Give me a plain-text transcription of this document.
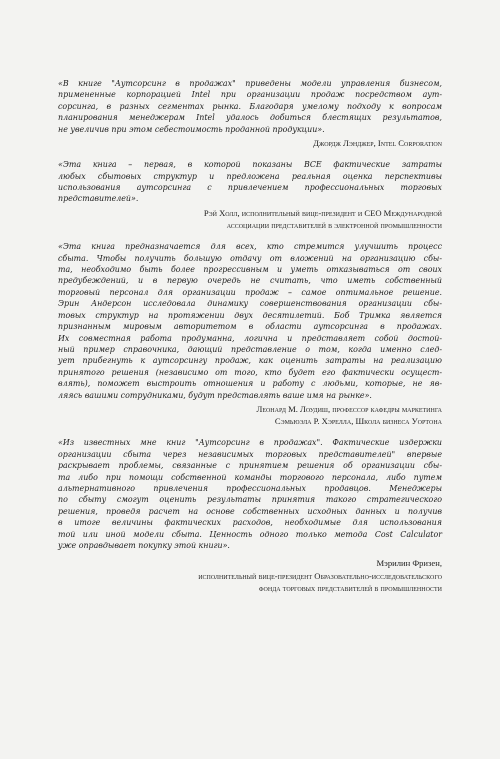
«В книге "Аутсорсинг в продажах" приведены модели управления бизнесом,
примененные корпорацией Intel при организации продаж посредством аут-
сорсинга, в разных сегментах рынка. Благодаря умелому подходу к вопросам
планирования менеджерам Intel удалось добиться блестящих результатов,
не увеличив при этом себестоимость проданной продукции».

Джордж Лэнджер, Intel Corporation

«Эта книга – первая, в которой показаны ВСЕ фактические затраты
любых сбытовых структур и предложена реальная оценка перспективы
использования аутсорсинга с привлечением профессиональных торговых
представителей».

Рэй Холл, исполнительный вице-президент и CEO Международной
ассоциации представителей в электронной промышленности

«Эта книга предназначается для всех, кто стремится улучшить процесс
сбыта. Чтобы получить большую отдачу от вложений на организацию сбы-
та, необходимо быть более прогрессивным и уметь отказываться от своих
предубеждений, и в первую очередь не считать, что иметь собственный
торговый персонал для организации продаж – самое оптимальное решение.
Эрин Андерсон исследовала динамику совершенствования организации сбы-
товых структур на протяжении двух десятилетий. Боб Тримка является
признанным мировым авторитетом в области аутсорсинга в продажах.
Их совместная работа продуманна, логична и представляет собой достой-
ный пример справочника, дающий представление о том, когда именно след-
ует прибегнуть к аутсорсингу продаж, как оценить затраты на реализацию
принятого решения (независимо от того, кто будет его фактически осущест-
влять), поможет выстроить отношения и работу с людьми, которые, не яв-
ляясь вашими сотрудниками, будут представлять ваше имя на рынке».

Леонард М. Лоудиш, профессор кафедры маркетинга
Сэмьюэла Р. Хэрелла, Школа бизнеса Уортона

«Из известных мне книг "Аутсорсинг в продажах". Фактические издержки
организации сбыта через независимых торговых представителей" впервые
раскрывает проблемы, связанные с принятием решения об организации сбы-
та либо при помощи собственной команды торгового персонала, либо путем
альтернативного привлечения профессиональных продавцов. Менеджеры
по сбыту смогут оценить результаты принятия такого стратегического
решения, проведя расчет на основе собственных исходных данных и получив
в итоге величины фактических расходов, необходимые для использования
той или иной модели сбыта. Ценность одного только метода Cost Calculator
уже оправдывает покупку этой книги».

Мэрилин Фризен,
исполнительный вице-президент Образовательно-исследовательского
фонда торговых представителей в промышленности
